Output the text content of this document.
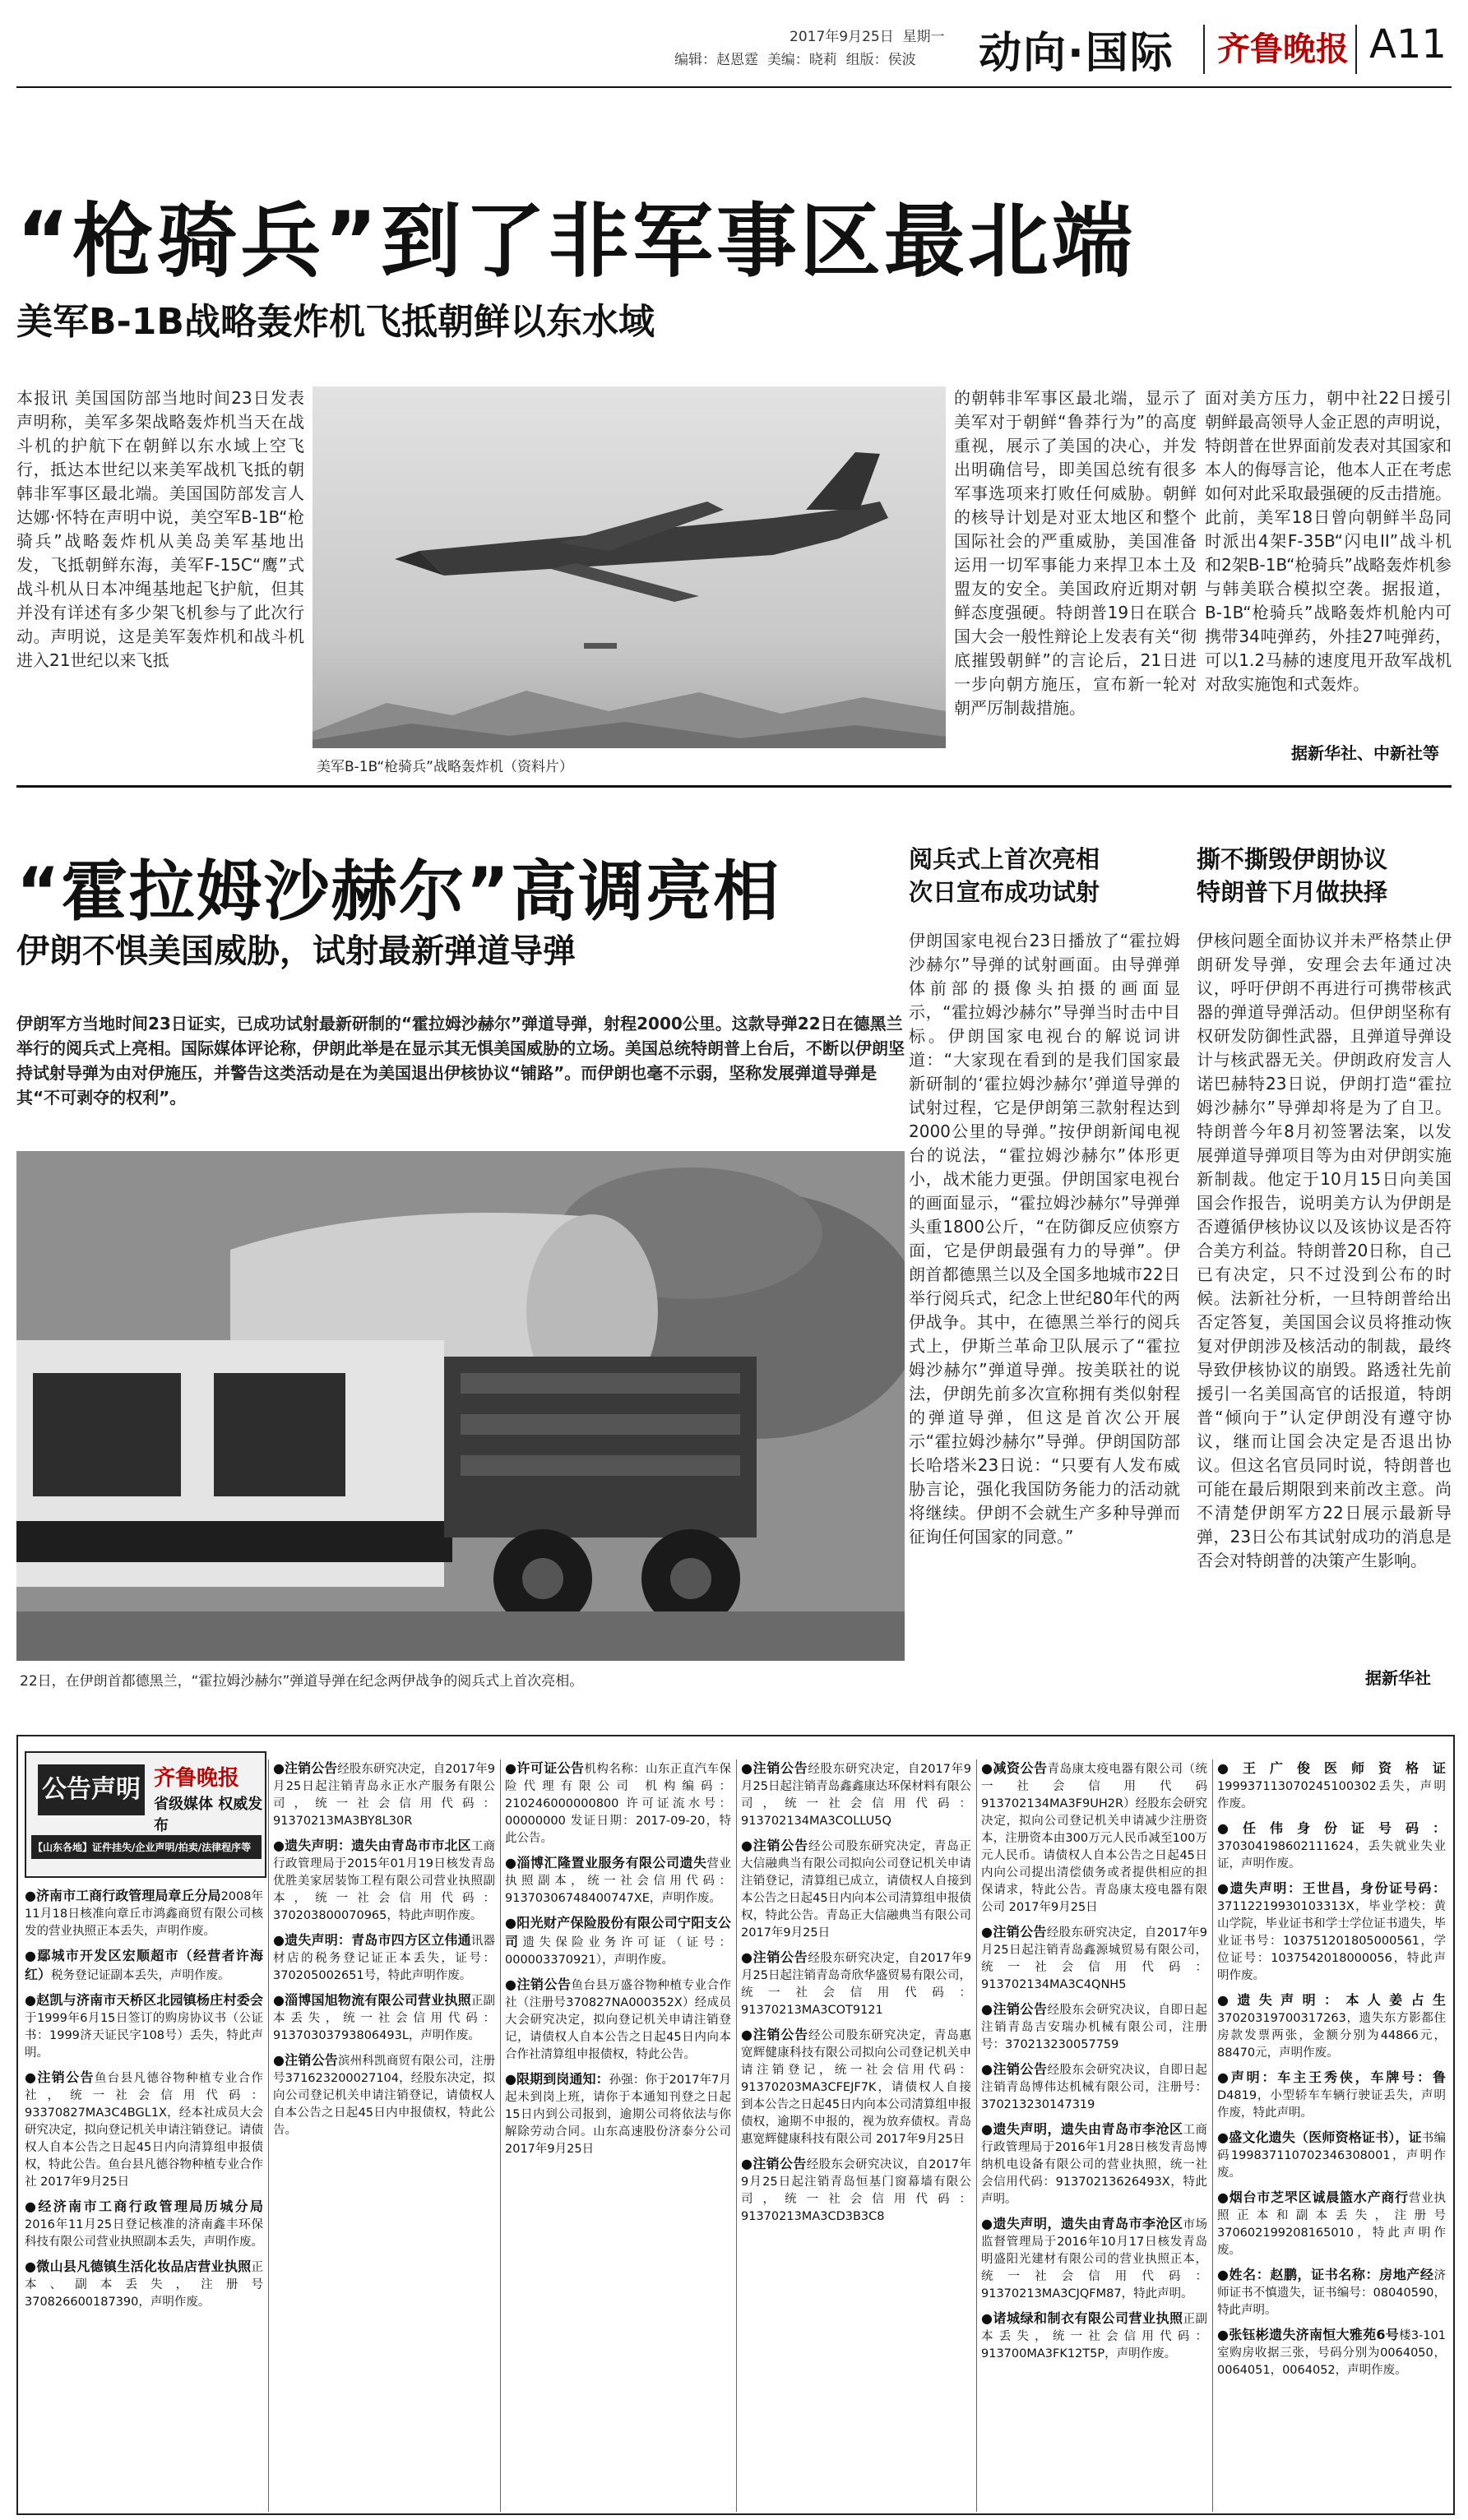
2017年9月25日 星期一
编辑：赵恩霆 美编：晓莉 组版：侯波 动向·国际 齐鲁晚报 A11
“枪骑兵”到了非军事区最北端
美军B-1B战略轰炸机飞抵朝鲜以东水域
本报讯 美国国防部当地时间23日发表声明称，美军多架战略轰炸机当天在战斗机的护航下在朝鲜以东水域上空飞行，抵达本世纪以来美军战机飞抵的朝韩非军事区最北端。美国国防部发言人达娜·怀特在声明中说，美空军B-1B“枪骑兵”战略轰炸机从美岛美军基地出发，飞抵朝鲜东海，美军F-15C“鹰”式战斗机从日本冲绳基地起飞护航，但其并没有详述有多少架飞机参与了此次行动。声明说，这是美军轰炸机和战斗机进入21世纪以来飞抵
美军B-1B“枪骑兵”战略轰炸机（资料片）
的朝韩非军事区最北端，显示了美军对于朝鲜“鲁莽行为”的高度重视，展示了美国的决心，并发出明确信号，即美国总统有很多军事选项来打败任何威胁。朝鲜的核导计划是对亚太地区和整个国际社会的严重威胁，美国准备运用一切军事能力来捍卫本土及盟友的安全。美国政府近期对朝鲜态度强硬。特朗普19日在联合国大会一般性辩论上发表有关“彻底摧毁朝鲜”的言论后，21日进一步向朝方施压，宣布新一轮对朝严厉制裁措施。
面对美方压力，朝中社22日援引朝鲜最高领导人金正恩的声明说，特朗普在世界面前发表对其国家和本人的侮辱言论，他本人正在考虑如何对此采取最强硬的反击措施。此前，美军18日曾向朝鲜半岛同时派出4架F-35B“闪电II”战斗机和2架B-1B“枪骑兵”战略轰炸机参与韩美联合模拟空袭。据报道，B-1B“枪骑兵”战略轰炸机舱内可携带34吨弹药，外挂27吨弹药，可以1.2马赫的速度甩开敌军战机对敌实施饱和式轰炸。
据新华社、中新社等
“霍拉姆沙赫尔”高调亮相
伊朗不惧美国威胁，试射最新弹道导弹
伊朗军方当地时间23日证实，已成功试射最新研制的“霍拉姆沙赫尔”弹道导弹，射程2000公里。这款导弹22日在德黑兰举行的阅兵式上亮相。国际媒体评论称，伊朗此举是在显示其无惧美国威胁的立场。美国总统特朗普上台后，不断以伊朗坚持试射导弹为由对伊施压，并警告这类活动是在为美国退出伊核协议“铺路”。而伊朗也毫不示弱，坚称发展弹道导弹是其“不可剥夺的权利”。
22日，在伊朗首都德黑兰，“霍拉姆沙赫尔”弹道导弹在纪念两伊战争的阅兵式上首次亮相。
阅兵式上首次亮相
次日宣布成功试射
伊朗国家电视台23日播放了“霍拉姆沙赫尔”导弹的试射画面。由导弹弹体前部的摄像头拍摄的画面显示，“霍拉姆沙赫尔”导弹当时击中目标。伊朗国家电视台的解说词讲道：“大家现在看到的是我们国家最新研制的‘霍拉姆沙赫尔’弹道导弹的试射过程，它是伊朗第三款射程达到2000公里的导弹。”按伊朗新闻电视台的说法，“霍拉姆沙赫尔”体形更小，战术能力更强。伊朗国家电视台的画面显示，“霍拉姆沙赫尔”导弹弹头重1800公斤，“在防御反应侦察方面，它是伊朗最强有力的导弹”。伊朗首都德黑兰以及全国多地城市22日举行阅兵式，纪念上世纪80年代的两伊战争。其中，在德黑兰举行的阅兵式上，伊斯兰革命卫队展示了“霍拉姆沙赫尔”弹道导弹。按美联社的说法，伊朗先前多次宣称拥有类似射程的弹道导弹，但这是首次公开展示“霍拉姆沙赫尔”导弹。伊朗国防部长哈塔米23日说：“只要有人发布威胁言论，强化我国防务能力的活动就将继续。伊朗不会就生产多种导弹而征询任何国家的同意。”
撕不撕毁伊朗协议
特朗普下月做抉择
伊核问题全面协议并未严格禁止伊朗研发导弹，安理会去年通过决议，呼吁伊朗不再进行可携带核武器的弹道导弹活动。但伊朗坚称有权研发防御性武器，且弹道导弹设计与核武器无关。伊朗政府发言人诺巴赫特23日说，伊朗打造“霍拉姆沙赫尔”导弹却将是为了自卫。特朗普今年8月初签署法案，以发展弹道导弹项目等为由对伊朗实施新制裁。他定于10月15日向美国国会作报告，说明美方认为伊朗是否遵循伊核协议以及该协议是否符合美方利益。特朗普20日称，自己已有决定，只不过没到公布的时候。法新社分析，一旦特朗普给出否定答复，美国国会议员将推动恢复对伊朗涉及核活动的制裁，最终导致伊核协议的崩毁。路透社先前援引一名美国高官的话报道，特朗普“倾向于”认定伊朗没有遵守协议，继而让国会决定是否退出协议。但这名官员同时说，特朗普也可能在最后期限到来前改主意。尚不清楚伊朗军方22日展示最新导弹，23日公布其试射成功的消息是否会对特朗普的决策产生影响。
据新华社
公告声明 齐鲁晚报
省级媒体 权威发布
【山东各地】证件挂失/企业声明/拍卖/法律程序等
●济南市工商行政管理局章丘分局2008年11月18日核准向章丘市鸿鑫商贸有限公司核发的营业执照正本丢失，声明作废。
●鄢城市开发区宏顺超市（经营者许海红）税务登记证副本丢失，声明作废。
●赵凯与济南市天桥区北园镇杨庄村委会于1999年6月15日签订的购房协议书（公证书：1999济天证民字108号）丢失，特此声明。
●注销公告鱼台县凡德谷物种植专业合作社，统一社会信用代码：93370827MA3C4BGL1X，经本社成员大会研究决定，拟向登记机关申请注销登记。请债权人自本公告之日起45日内向清算组申报债权，特此公告。鱼台县凡德谷物种植专业合作社 2017年9月25日
●经济南市工商行政管理局历城分局2016年11月25日登记核准的济南鑫丰环保科技有限公司营业执照副本丢失，声明作废。
●微山县凡德镇生活化妆品店营业执照正本、副本丢失，注册号370826600187390，声明作废。
●注销公告经股东研究决定，自2017年9月25日起注销青岛永正水产服务有限公司，统一社会信用代码：91370213MA3BY8L30R
●遗失声明：遗失由青岛市市北区工商行政管理局于2015年01月19日核发青岛优胜美家居装饰工程有限公司营业执照副本，统一社会信用代码：370203800070965，特此声明作废。
●遗失声明：青岛市四方区立伟通讯器材店的税务登记证正本丢失，证号：370205002651号，特此声明作废。
●淄博国旭物流有限公司营业执照正副本丢失，统一社会信用代码：91370303793806493L，声明作废。
●注销公告滨州科凯商贸有限公司，注册号371623200027104，经股东决定，拟向公司登记机关申请注销登记，请债权人自本公告之日起45日内申报债权，特此公告。
●许可证公告机构名称：山东正直汽车保险代理有限公司 机构编码：210246000000800 许可证流水号：00000000 发证日期：2017-09-20，特此公告。
●淄博汇隆置业服务有限公司遗失营业执照副本，统一社会信用代码：91370306748400747XE，声明作废。
●阳光财产保险股份有限公司宁阳支公司遗失保险业务许可证（证号：000003370921），声明作废。
●注销公告鱼台县万盛谷物种植专业合作社（注册号370827NA000352X）经成员大会研究决定，拟向登记机关申请注销登记，请债权人自本公告之日起45日内向本合作社清算组申报债权，特此公告。
●限期到岗通知：孙强：你于2017年7月起未到岗上班，请你于本通知刊登之日起15日内到公司报到，逾期公司将依法与你解除劳动合同。山东高速股份济泰分公司 2017年9月25日
●注销公告经股东研究决定，自2017年9月25日起注销青岛鑫鑫康达环保材料有限公司，统一社会信用代码：913702134MA3COLLU5Q
●注销公告经公司股东研究决定，青岛正大信融典当有限公司拟向公司登记机关申请注销登记，清算组已成立，请债权人自接到本公告之日起45日内向本公司清算组申报债权，特此公告。青岛正大信融典当有限公司 2017年9月25日
●注销公告经股东研究决定，自2017年9月25日起注销青岛奇欣华盛贸易有限公司，统一社会信用代码：91370213MA3COT9121
●注销公告经公司股东研究决定，青岛惠宽辉健康科技有限公司拟向公司登记机关申请注销登记，统一社会信用代码：91370203MA3CFEJF7K，请债权人自接到本公告之日起45日内向本公司清算组申报债权，逾期不申报的，视为放弃债权。青岛惠宽辉健康科技有限公司 2017年9月25日
●注销公告经股东会研究决议，自2017年9月25日起注销青岛恒基门窗幕墙有限公司，统一社会信用代码：91370213MA3CD3B3C8
●减资公告青岛康太疫电器有限公司（统一社会信用代码913702134MA3F9UH2R）经股东会研究决定，拟向公司登记机关申请减少注册资本，注册资本由300万元人民币减至100万元人民币。请债权人自本公告之日起45日内向公司提出清偿债务或者提供相应的担保请求，特此公告。青岛康太疫电器有限公司 2017年9月25日
●注销公告经股东研究决定，自2017年9月25日起注销青岛鑫源城贸易有限公司，统一社会信用代码：913702134MA3C4QNH5
●注销公告经股东会研究决议，自即日起注销青岛吉安瑞办机械有限公司，注册号：370213230057759
●注销公告经股东会研究决议，自即日起注销青岛博伟达机械有限公司，注册号：370213230147319
●遗失声明，遗失由青岛市李沧区工商行政管理局于2016年1月28日核发青岛博纳机电设备有限公司的营业执照，统一社会信用代码：91370213626493X，特此声明。
●遗失声明，遗失由青岛市李沧区市场监督管理局于2016年10月17日核发青岛明盛阳光建材有限公司的营业执照正本，统一社会信用代码：91370213MA3CJQFM87，特此声明。
●诸城绿和制衣有限公司营业执照正副本丢失，统一社会信用代码：913700MA3FK12T5P，声明作废。
●王广俊医师资格证199937113070245100302丢失，声明作废。
●任伟身份证号码：370304198602111624，丢失就业失业证，声明作废。
●遗失声明：王世昌，身份证号码：37112219930103313X，毕业学校：黄山学院，毕业证书和学士学位证书遗失，毕业证书号：103751201805000561，学位证号：1037542018000056，特此声明作废。
●遗失声明：本人姜占生37020319700317263，遗失东方影都住房款发票两张，金额分别为44866元，88470元，声明作废。
●声明：车主王秀侠，车牌号：鲁D4819，小型轿车车辆行驶证丢失，声明作废，特此声明。
●盛文化遗失（医师资格证书），证书编码199837110702346308001，声明作废。
●烟台市芝罘区诚晨篮水产商行营业执照正本和副本丢失，注册号370602199208165010，特此声明作废。
●姓名：赵鹏，证书名称：房地产经济师证书不慎遗失，证书编号：08040590，特此声明。
●张钰彬遗失济南恒大雅苑6号楼3-101室购房收据三张，号码分别为0064050，0064051，0064052，声明作废。
